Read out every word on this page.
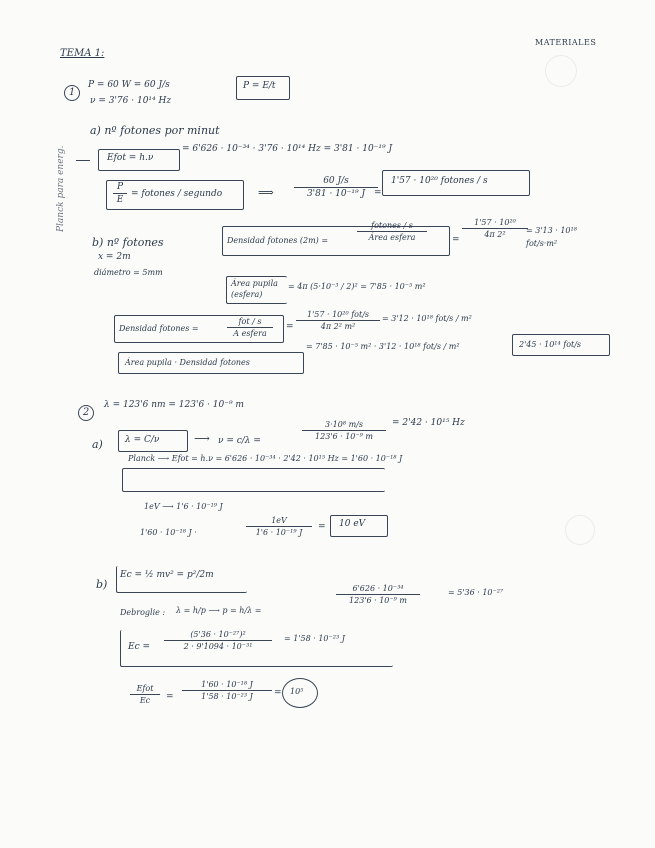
MATERIALES
TEMA 1:
Planck para energ.
1
P = 60 W = 60 J/s
ν = 3'76 · 10¹⁴ Hz
P = E/t
a) nº fotones por minut
Efot = h.ν
= 6'626 · 10⁻³⁴ · 3'76 · 10¹⁴ Hz = 3'81 · 10⁻¹⁹ J
P
E
= fotones / segundo	⟹
60 J/s
3'81 · 10⁻¹⁹ J =
1'57 · 10²⁰ fotones / s
b) nº fotones
x = 2m
diámetro = 5mm
Densidad fotones (2m) =
fotones / s
Área esfera	=
1'57 · 10²⁰
4π 2²	= 3'13 · 10¹⁸ fot/s·m²
Área pupila (esfera)
= 4π (5·10⁻³ / 2)² = 7'85 · 10⁻⁵ m²
Densidad fotones =
fot / s
A esfera
=
1'57 · 10²⁰ fot/s
4π 2² m²
= 3'12 · 10¹⁸ fot/s / m²
Área pupila · Densidad fotones
= 7'85 · 10⁻⁵ m² · 3'12 · 10¹⁸ fot/s / m²	2'45 · 10¹⁴ fot/s
2
λ = 123'6 nm = 123'6 · 10⁻⁹ m
a) λ = C/ν	⟶ ν = c/λ =
3·10⁸ m/s
123'6 · 10⁻⁹ m
= 2'42 · 10¹⁵ Hz
Planck ⟶ Efot = h.ν = 6'626 · 10⁻³⁴ · 2'42 · 10¹⁵ Hz = 1'60 · 10⁻¹⁸ J
1eV ⟶ 1'6 · 10⁻¹⁹ J
1'60 · 10⁻¹⁸ J ·
1eV
1'6 · 10⁻¹⁹ J
= 10 eV
b)
Ec = ½ mv² = p²/2m
Debroglie : λ = h/p ⟶ p = h/λ =
6'626 · 10⁻³⁴
123'6 · 10⁻⁹ m
= 5'36 · 10⁻²⁷
Ec =
(5'36 · 10⁻²⁷)²
2 · 9'1094 · 10⁻³¹
= 1'58 · 10⁻²³ J
Efot
Ec	=
1'60 · 10⁻¹⁸ J
1'58 · 10⁻²³ J	= 10⁵
